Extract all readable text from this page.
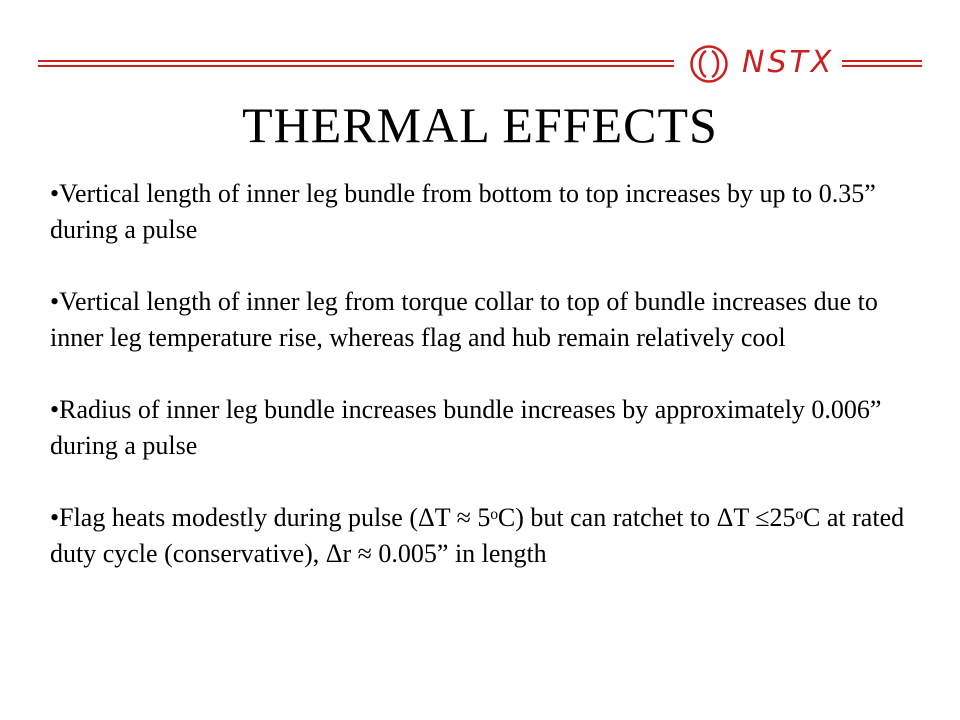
NSTX
THERMAL EFFECTS

•Vertical length of inner leg bundle from bottom to top increases by up to 0.35” during a pulse

•Vertical length of inner leg from torque collar to top of bundle increases due to inner leg temperature rise, whereas flag and hub remain relatively cool

•Radius of inner leg bundle increases bundle increases by approximately 0.006” during a pulse

•Flag heats modestly during pulse (ΔT ≈ 5ᵒC) but can ratchet to ΔT ≤25ᵒC at rated duty cycle (conservative), Δr ≈ 0.005” in length
